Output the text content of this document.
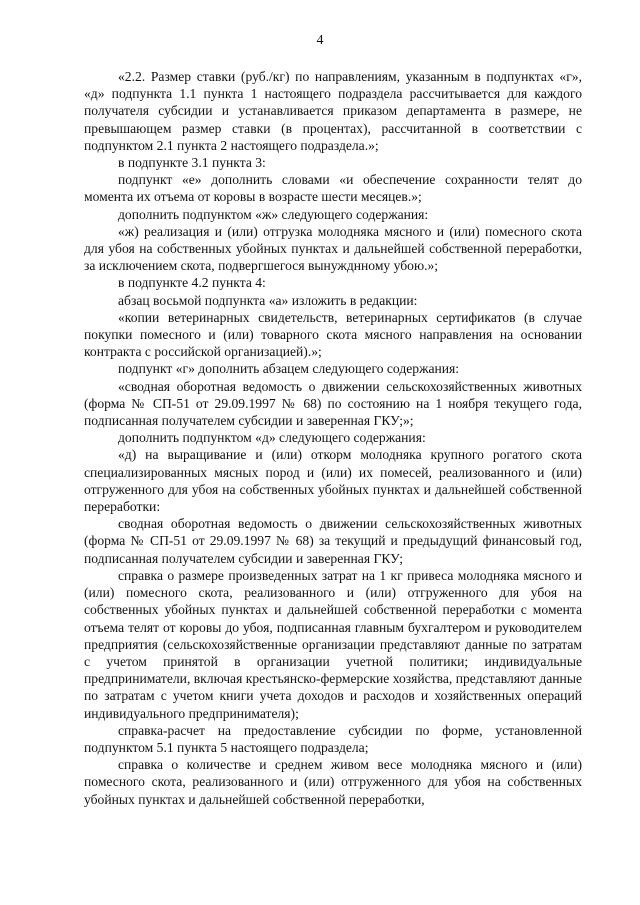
4

«2.2. Размер ставки (руб./кг) по направлениям, указанным в подпунктах «г», «д» подпункта 1.1 пункта 1 настоящего подраздела рассчитывается для каждого получателя субсидии и устанавливается приказом департамента в размере, не превышающем размер ставки (в процентах), рассчитанной в соответствии с подпунктом 2.1 пункта 2 настоящего подраздела.»;

в подпункте 3.1 пункта 3:

подпункт «е» дополнить словами «и обеспечение сохранности телят до момента их отъема от коровы в возрасте шести месяцев.»;

дополнить подпунктом «ж» следующего содержания:

«ж) реализация и (или) отгрузка молодняка мясного и (или) помесного скота для убоя на собственных убойных пунктах и дальнейшей собственной переработки, за исключением скота, подвергшегося вынужднному убою.»;

в подпункте 4.2 пункта 4:

абзац восьмой подпункта «а» изложить в редакции:

«копии ветеринарных свидетельств, ветеринарных сертификатов (в случае покупки помесного и (или) товарного скота мясного направления на основании контракта с российской организацией).»;

подпункт «г» дополнить абзацем следующего содержания:

«сводная оборотная ведомость о движении сельскохозяйственных животных (форма № СП-51 от 29.09.1997 № 68) по состоянию на 1 ноября текущего года, подписанная получателем субсидии и заверенная ГКУ;»;

дополнить подпунктом «д» следующего содержания:

«д) на выращивание и (или) откорм молодняка крупного рогатого скота специализированных мясных пород и (или) их помесей, реализованного и (или) отгруженного для убоя на собственных убойных пунктах и дальнейшей собственной переработки:

сводная оборотная ведомость о движении сельскохозяйственных животных (форма № СП-51 от 29.09.1997 № 68) за текущий и предыдущий финансовый год, подписанная получателем субсидии и заверенная ГКУ;

справка о размере произведенных затрат на 1 кг привеса молодняка мясного и (или) помесного скота, реализованного и (или) отгруженного для убоя на собственных убойных пунктах и дальнейшей собственной переработки с момента отъема телят от коровы до убоя, подписанная главным бухгалтером и руководителем предприятия (сельскохозяйственные организации представляют данные по затратам с учетом принятой в организации учетной политики; индивидуальные предприниматели, включая крестьянско-фермерские хозяйства, представляют данные по затратам с учетом книги учета доходов и расходов и хозяйственных операций индивидуального предпринимателя);

справка-расчет на предоставление субсидии по форме, установленной подпунктом 5.1 пункта 5 настоящего подраздела;

справка о количестве и среднем живом весе молодняка мясного и (или) помесного скота, реализованного и (или) отгруженного для убоя на собственных убойных пунктах и дальнейшей собственной переработки,
